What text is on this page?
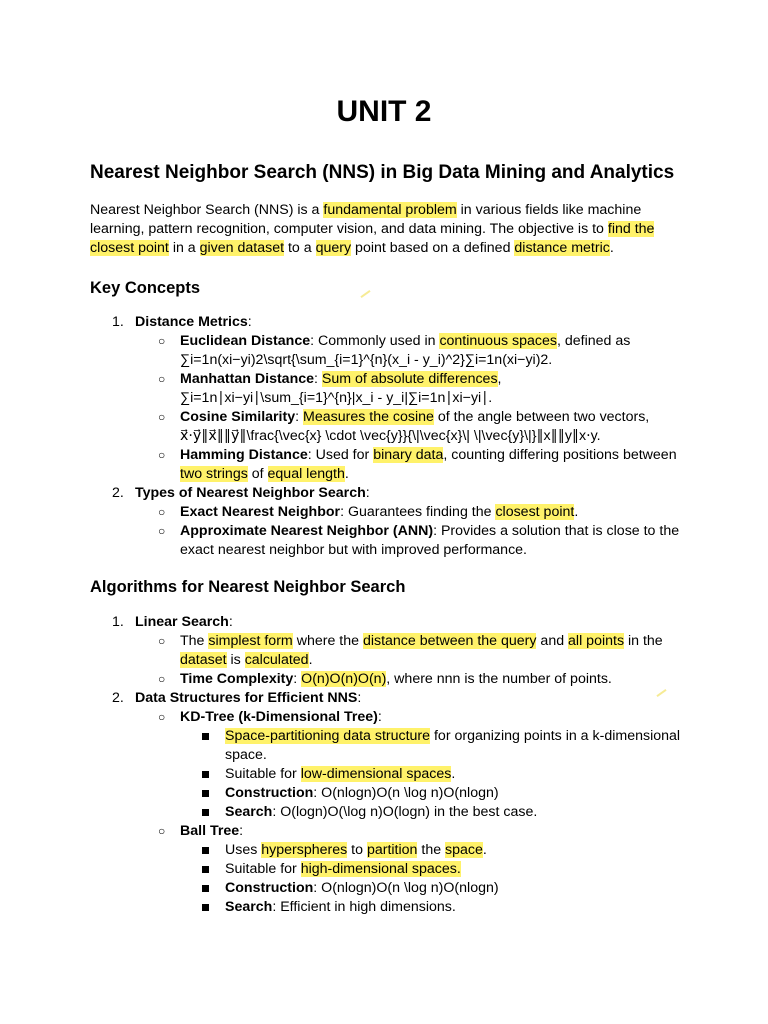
UNIT 2
Nearest Neighbor Search (NNS) in Big Data Mining and Analytics

Nearest Neighbor Search (NNS) is a fundamental problem in various fields like machine learning, pattern recognition, computer vision, and data mining. The objective is to find the closest point in a given dataset to a query point based on a defined distance metric.

Key Concepts
1. Distance Metrics:
○ Euclidean Distance: Commonly used in continuous spaces, defined as ∑i=1n(xi−yi)2\sqrt{\sum_{i=1}^{n}(x_i - y_i)^2}∑i=1n(xi−yi)2.
○ Manhattan Distance: Sum of absolute differences, ∑i=1n∣xi−yi∣\sum_{i=1}^{n}|x_i - y_i|∑i=1n∣xi−yi∣.
○ Cosine Similarity: Measures the cosine of the angle between two vectors, x⃗⋅y⃗∥x⃗∥∥y⃗∥\frac{\vec{x} \cdot \vec{y}}{\|\vec{x}\| \|\vec{y}\|}∥x∥∥y∥x⋅y.
○ Hamming Distance: Used for binary data, counting differing positions between two strings of equal length.
2. Types of Nearest Neighbor Search:
○ Exact Nearest Neighbor: Guarantees finding the closest point.
○ Approximate Nearest Neighbor (ANN): Provides a solution that is close to the exact nearest neighbor but with improved performance.
Algorithms for Nearest Neighbor Search
1. Linear Search:
○ The simplest form where the distance between the query and all points in the dataset is calculated.
○ Time Complexity: O(n)O(n)O(n), where nnn is the number of points.
2. Data Structures for Efficient NNS:
○ KD-Tree (k-Dimensional Tree):
Space-partitioning data structure for organizing points in a k-dimensional space.
Suitable for low-dimensional spaces.
Construction: O(nlogn)O(n \log n)O(nlogn)
Search: O(logn)O(\log n)O(logn) in the best case.
○ Ball Tree:
Uses hyperspheres to partition the space.
Suitable for high-dimensional spaces.
Construction: O(nlogn)O(n \log n)O(nlogn)
Search: Efficient in high dimensions.
